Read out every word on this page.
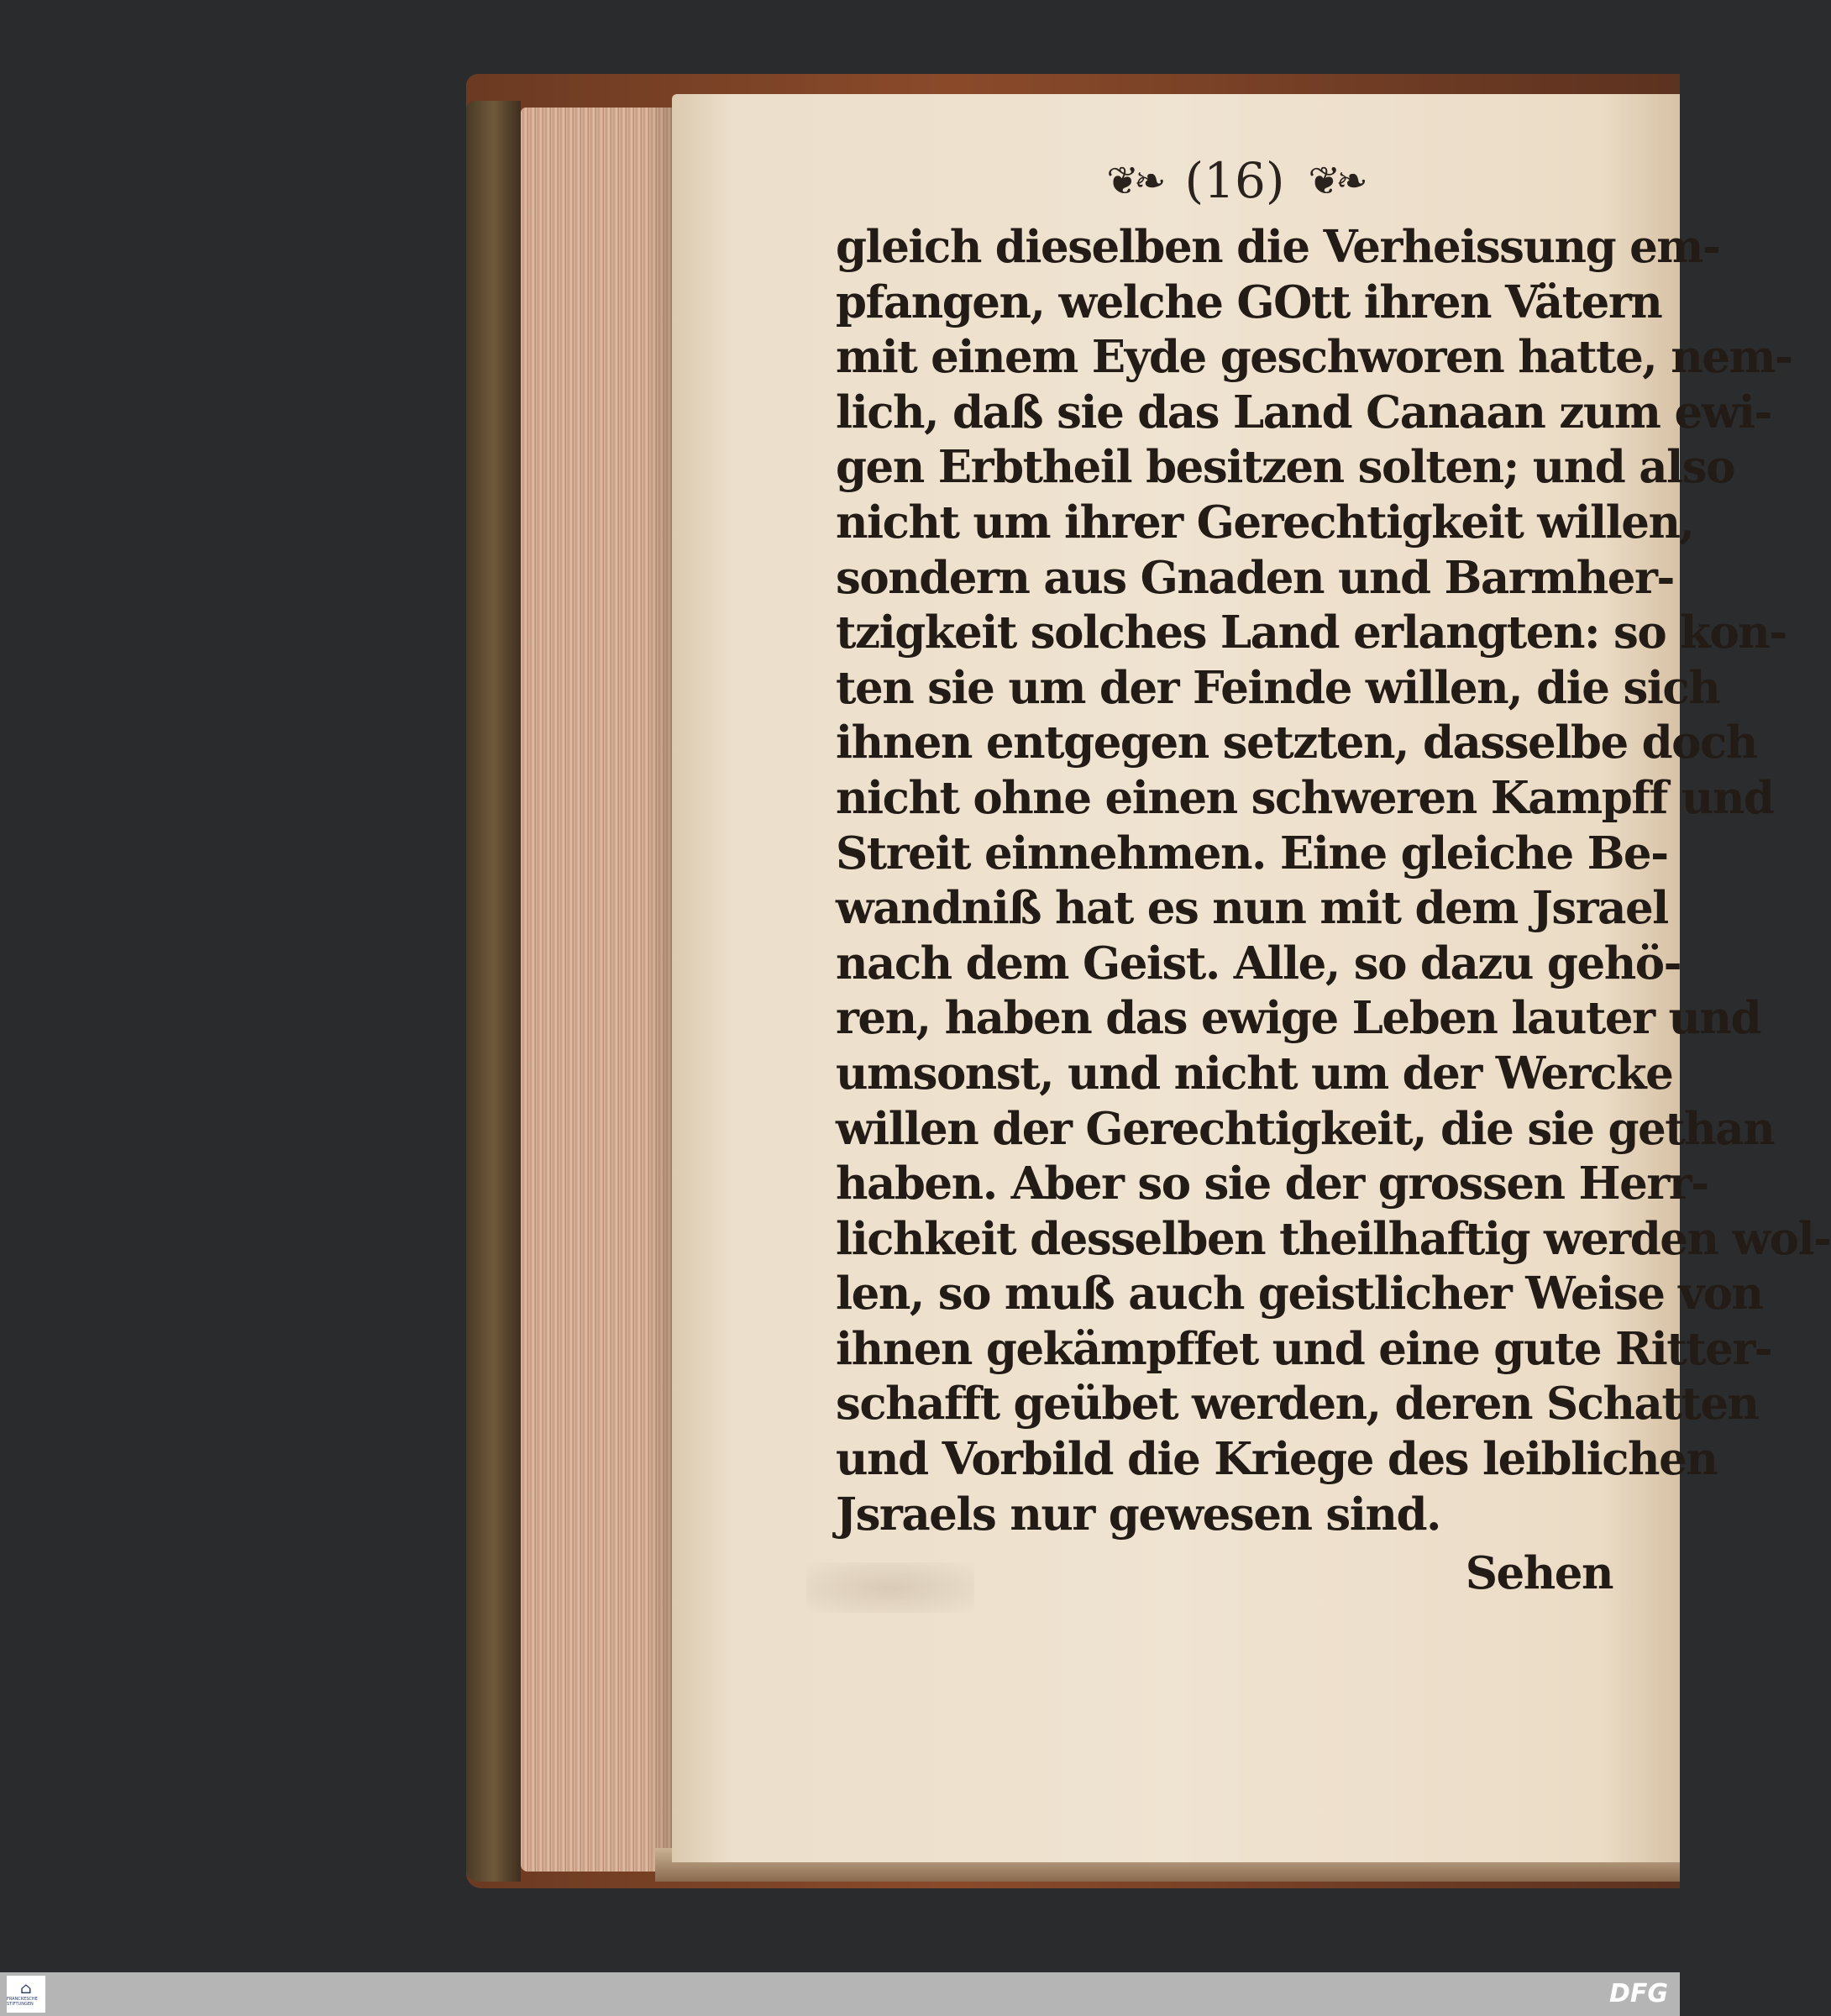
❦❧ (16) ❦❧
gleich dieselben die Verheissung em-
pfangen, welche GOtt ihren Vätern
mit einem Eyde geschworen hatte, nem-
lich, daß sie das Land Canaan zum ewi-
gen Erbtheil besitzen solten; und also
nicht um ihrer Gerechtigkeit willen,
sondern aus Gnaden und Barmher-
tzigkeit solches Land erlangten: so kon-
ten sie um der Feinde willen, die sich
ihnen entgegen setzten, dasselbe doch
nicht ohne einen schweren Kampff und
Streit einnehmen. Eine gleiche Be-
wandniß hat es nun mit dem Jsrael
nach dem Geist. Alle, so dazu gehö-
ren, haben das ewige Leben lauter und
umsonst, und nicht um der Wercke
willen der Gerechtigkeit, die sie gethan
haben. Aber so sie der grossen Herr-
lichkeit desselben theilhaftig werden wol-
len, so muß auch geistlicher Weise von
ihnen gekämpffet und eine gute Ritter-
schafft geübet werden, deren Schatten
und Vorbild die Kriege des leiblichen
Jsraels nur gewesen sind.
Sehen
⌂
FRANCKESCHE STIFTUNGEN	DFG
